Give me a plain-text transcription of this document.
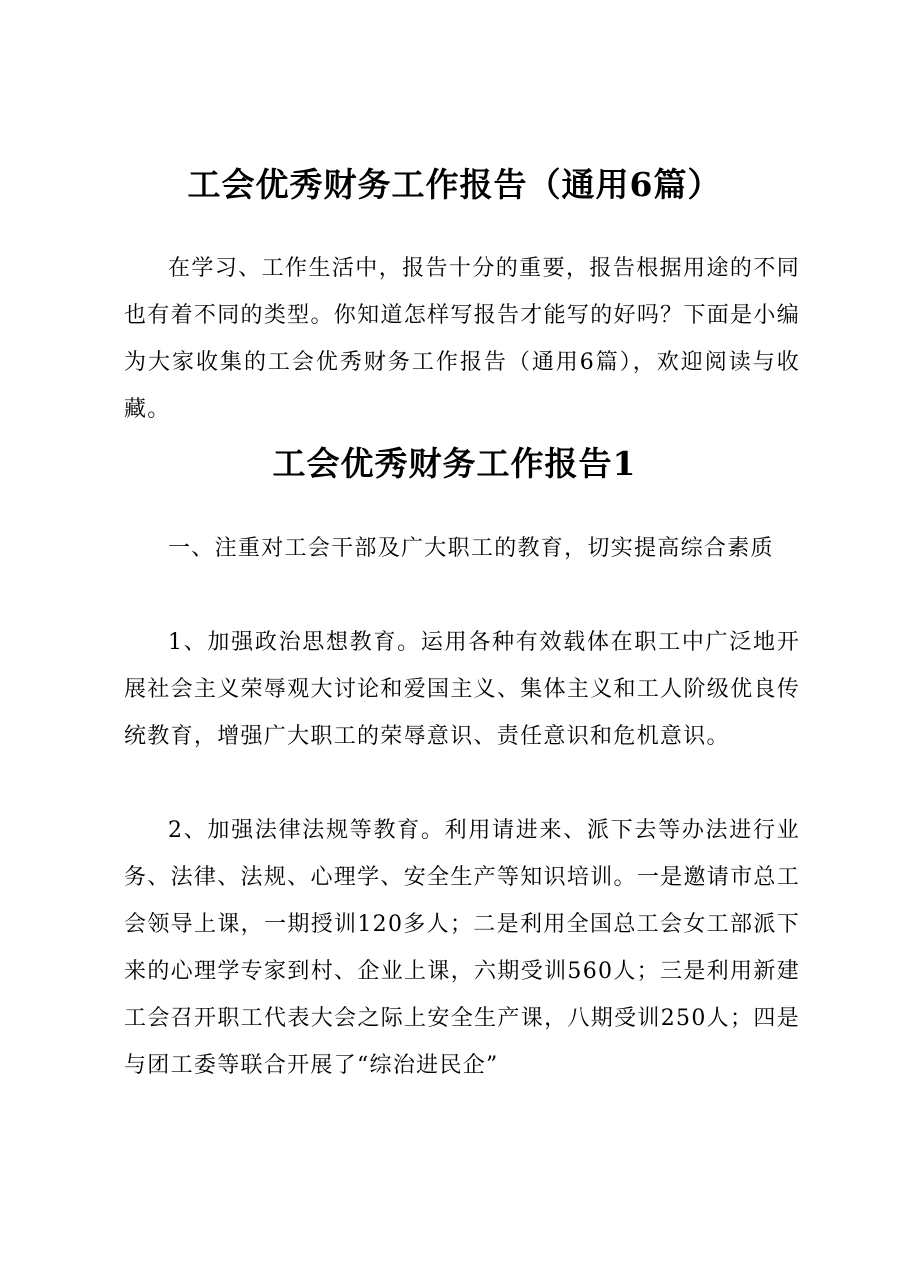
工会优秀财务工作报告（通用6篇）

在学习、工作生活中，报告十分的重要，报告根据用途的不同也有着不同的类型。你知道怎样写报告才能写的好吗？下面是小编为大家收集的工会优秀财务工作报告（通用6篇），欢迎阅读与收藏。

工会优秀财务工作报告1

一、注重对工会干部及广大职工的教育，切实提高综合素质

1、加强政治思想教育。运用各种有效载体在职工中广泛地开展社会主义荣辱观大讨论和爱国主义、集体主义和工人阶级优良传统教育，增强广大职工的荣辱意识、责任意识和危机意识。

2、加强法律法规等教育。利用请进来、派下去等办法进行业务、法律、法规、心理学、安全生产等知识培训。一是邀请市总工会领导上课，一期授训120多人；二是利用全国总工会女工部派下来的心理学专家到村、企业上课，六期受训560人；三是利用新建工会召开职工代表大会之际上安全生产课，八期受训250人；四是与团工委等联合开展了“综治进民企”
